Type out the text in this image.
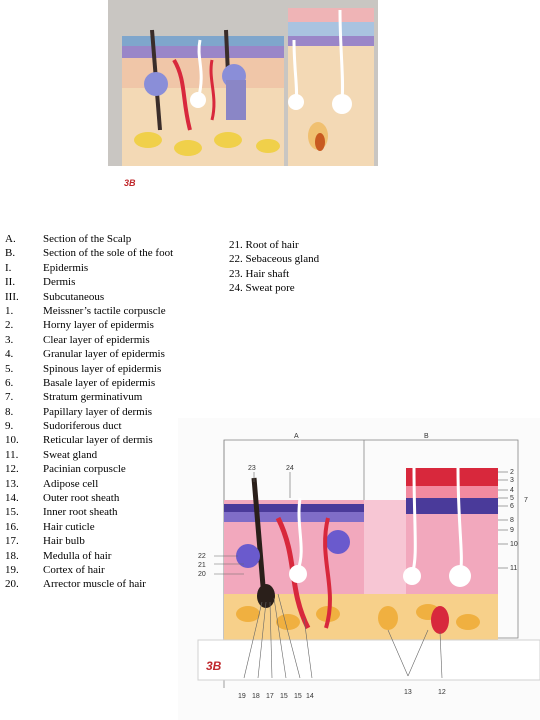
3B
A. Section of the Scalp
B.	Section of the sole of the foot
I.	Epidermis
II.	Dermis
III. Subcutaneous
1.	Meissner’s tactile corpuscle
2.	Horny layer of epidermis
3.	Clear layer of epidermis
4.	Granular layer of epidermis
5.	Spinous layer of epidermis
6.	Basale layer of epidermis
7.	Stratum germinativum
8.	Papillary layer of dermis
9.	Sudoriferous duct
10. Reticular layer of dermis
11. Sweat gland
12. Pacinian corpuscle
13. Adipose cell
14. Outer root sheath
15. Inner root sheath
16. Hair cuticle
17. Hair bulb
18. Medulla of hair
19. Cortex of hair
20. Arrector muscle of hair
21. Root of hair
22. Sebaceous gland
23. Hair shaft
24. Sweat pore
3B
A	B
23	24
22
21
20
2
3
4
5
6
7
8
9
10
11
19 18 17 15 15 14
13	12
